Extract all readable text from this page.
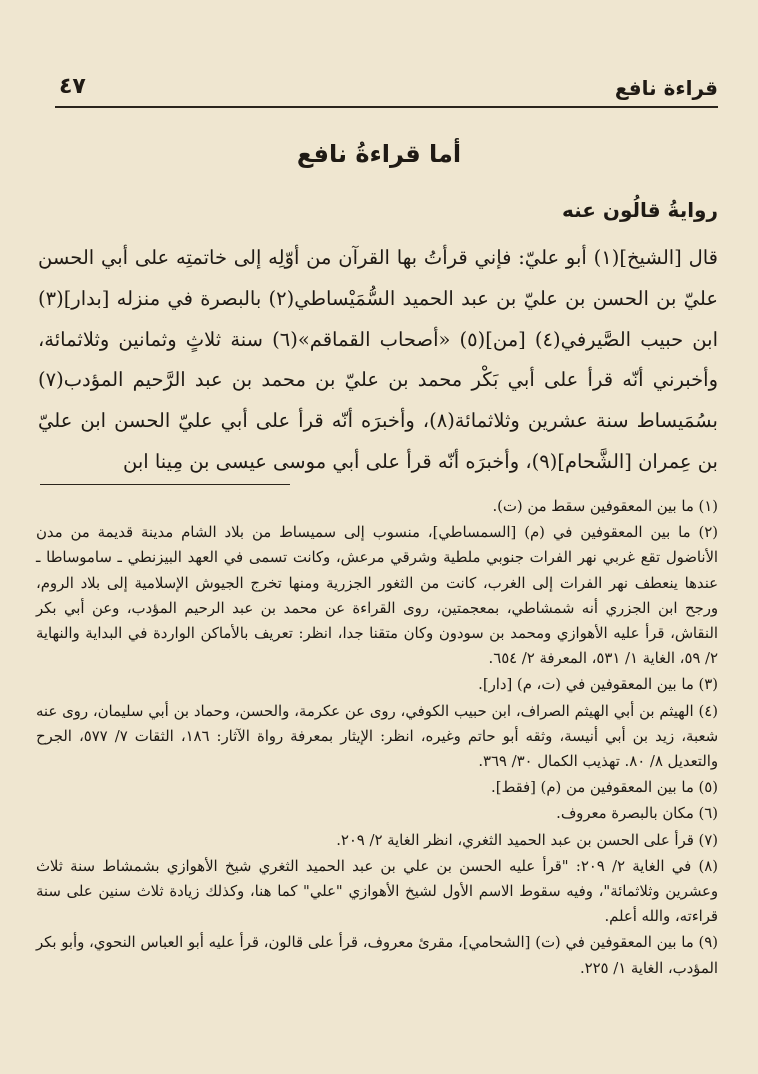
قراءة نافع
٤٧
أما قراءةُ نافع
روايةُ قالُون عنه

قال [الشيخ](١) أبو عليّ: فإني قرأتُ بها القرآن من أوّلِه إلى خاتمتِه على أبي الحسن عليّ بن الحسن بن عليّ بن عبد الحميد السُّمَيْساطي(٢) بالبصرة في منزله [بدار](٣) ابن حبيب الصَّيرفي(٤) [من](٥) «أصحاب القماقم»(٦) سنة ثلاثٍ وثمانين وثلاثمائة، وأخبرني أنّه قرأ على أبي بَكْر محمد بن عليّ بن محمد بن عبد الرَّحيم المؤدب(٧) بسُمَيساط سنة عشرين وثلاثمائة(٨)، وأخبرَه أنّه قرأ على أبي عليّ الحسن ابن عليّ بن عِمران [الشَّحام](٩)، وأخبرَه أنّه قرأ على أبي موسى عيسى بن مِينا ابن

(١) ما بين المعقوفين سقط من (ت).

(٢) ما بين المعقوفين في (م) [السمساطي]، منسوب إلى سميساط من بلاد الشام مدينة قديمة من مدن الأناضول تقع غربي نهر الفرات جنوبي ملطية وشرقي مرعش، وكانت تسمى في العهد البيزنطي ـ ساموساطا ـ عندها ينعطف نهر الفرات إلى الغرب، كانت من الثغور الجزرية ومنها تخرج الجيوش الإسلامية إلى بلاد الروم، ورجح ابن الجزري أنه شمشاطي، بمعجمتين، روى القراءة عن محمد بن عبد الرحيم المؤدب، وعن أبي بكر النقاش، قرأ عليه الأهوازي ومحمد بن سودون وكان متقنا جدا، انظر: تعريف بالأماكن الواردة في البداية والنهاية ٢/ ٥٩، الغاية ١/ ٥٣١، المعرفة ٢/ ٦٥٤.

(٣) ما بين المعقوفين في (ت، م) [دار].

(٤) الهيثم بن أبي الهيثم الصراف، ابن حبيب الكوفي، روى عن عكرمة، والحسن، وحماد بن أبي سليمان، روى عنه شعبة، زيد بن أبي أنيسة، وثقه أبو حاتم وغيره، انظر: الإيثار بمعرفة رواة الآثار: ١٨٦، الثقات ٧/ ٥٧٧، الجرح والتعديل ٨/ ٨٠. تهذيب الكمال ٣٠/ ٣٦٩.

(٥) ما بين المعقوفين من (م) [فقط].

(٦) مكان بالبصرة معروف.

(٧) قرأ على الحسن بن عبد الحميد الثغري، انظر الغاية ٢/ ٢٠٩.

(٨) في الغاية ٢/ ٢٠٩: "قرأ عليه الحسن بن علي بن عبد الحميد الثغري شيخ الأهوازي بشمشاط سنة ثلاث وعشرين وثلاثمائة"، وفيه سقوط الاسم الأول لشيخ الأهوازي "علي" كما هنا، وكذلك زيادة ثلاث سنين على سنة قراءته، والله أعلم.

(٩) ما بين المعقوفين في (ت) [الشحامي]، مقرئ معروف، قرأ على قالون، قرأ عليه أبو العباس النحوي، وأبو بكر المؤدب، الغاية ١/ ٢٢٥.
